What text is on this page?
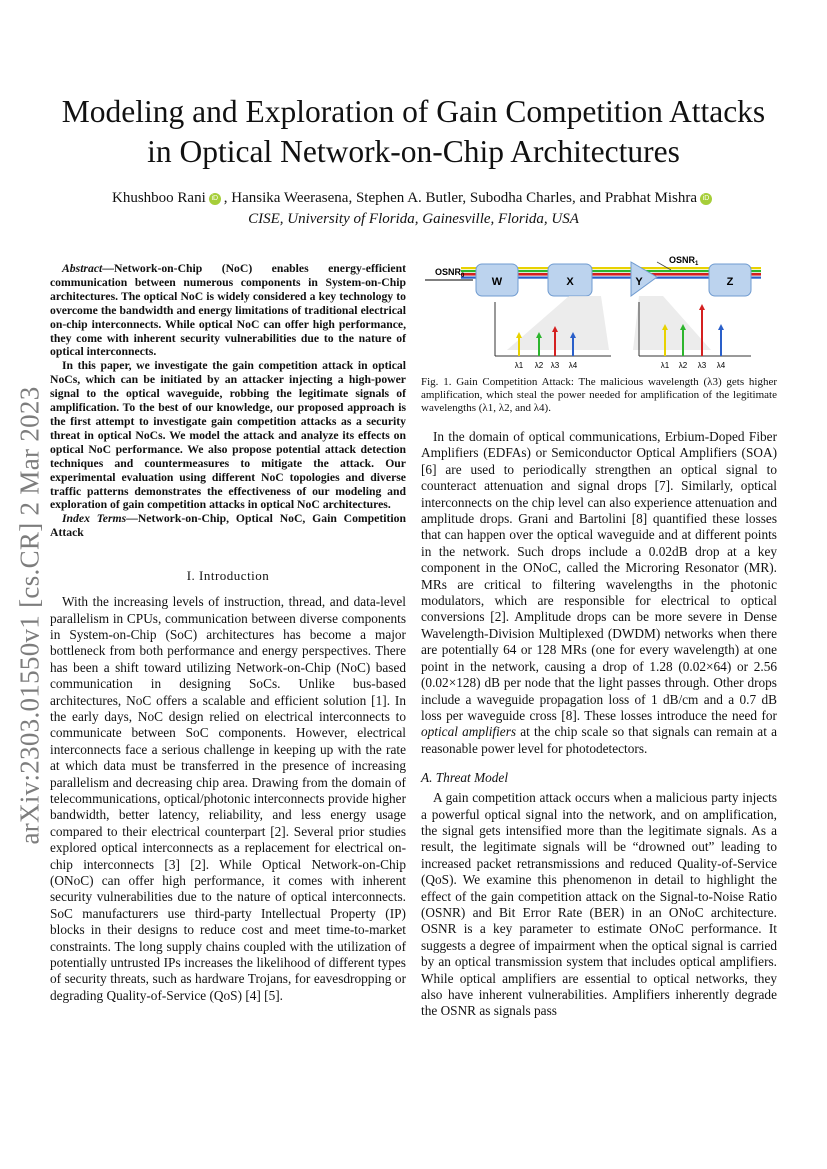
arXiv:2303.01550v1 [cs.CR] 2 Mar 2023
Modeling and Exploration of Gain Competition Attacks in Optical Network-on-Chip Architectures
Khushboo Rani iD , Hansika Weerasena, Stephen A. Butler, Subodha Charles, and Prabhat Mishra iD
CISE, University of Florida, Gainesville, Florida, USA

Abstract—Network-on-Chip (NoC) enables energy-efficient communication between numerous components in System-on-Chip architectures. The optical NoC is widely considered a key technology to overcome the bandwidth and energy limitations of traditional electrical on-chip interconnects. While optical NoC can offer high performance, they come with inherent security vulnerabilities due to the nature of optical interconnects.

In this paper, we investigate the gain competition attack in optical NoCs, which can be initiated by an attacker injecting a high-power signal to the optical waveguide, robbing the legitimate signals of amplification. To the best of our knowledge, our proposed approach is the first attempt to investigate gain competition attacks as a security threat in optical NoCs. We model the attack and analyze its effects on optical NoC performance. We also propose potential attack detection techniques and countermeasures to mitigate the attack. Our experimental evaluation using different NoC topologies and diverse traffic patterns demonstrates the effectiveness of our modeling and exploration of gain competition attacks in optical NoC architectures.

Index Terms—Network-on-Chip, Optical NoC, Gain Competition Attack

I. Introduction

With the increasing levels of instruction, thread, and data-level parallelism in CPUs, communication between diverse components in System-on-Chip (SoC) architectures has become a major bottleneck from both performance and energy perspectives. There has been a shift toward utilizing Network-on-Chip (NoC) based communication in designing SoCs. Unlike bus-based architectures, NoC offers a scalable and efficient solution [1]. In the early days, NoC design relied on electrical interconnects to communicate between SoC components. However, electrical interconnects face a serious challenge in keeping up with the rate at which data must be transferred in the presence of increasing parallelism and decreasing chip area. Drawing from the domain of telecommunications, optical/photonic interconnects provide higher bandwidth, better latency, reliability, and less energy usage compared to their electrical counterpart [2]. Several prior studies explored optical interconnects as a replacement for electrical on-chip interconnects [3] [2]. While Optical Network-on-Chip (ONoC) can offer high performance, it comes with inherent security vulnerabilities due to the nature of optical interconnects. SoC manufacturers use third-party Intellectual Property (IP) blocks in their designs to reduce cost and meet time-to-market constraints. The long supply chains coupled with the utilization of potentially untrusted IPs increases the likelihood of different types of security threats, such as hardware Trojans, for eavesdropping or degrading Quality-of-Service (QoS) [4] [5].

W	X	Y	Z
$OSNR_0$
$OSNR_1$
λ1 λ2 λ3 λ4	λ1 λ2 λ3 λ4

Fig. 1. Gain Competition Attack: The malicious wavelength (λ3) gets higher amplification, which steal the power needed for amplification of the legitimate wavelengths (λ1, λ2, and λ4).

In the domain of optical communications, Erbium-Doped Fiber Amplifiers (EDFAs) or Semiconductor Optical Amplifiers (SOA) [6] are used to periodically strengthen an optical signal to counteract attenuation and signal drops [7]. Similarly, optical interconnects on the chip level can also experience attenuation and amplitude drops. Grani and Bartolini [8] quantified these losses that can happen over the optical waveguide and at different points in the network. Such drops include a 0.02dB drop at a key component in the ONoC, called the Microring Resonator (MR). MRs are critical to filtering wavelengths in the photonic modulators, which are responsible for electrical to optical conversions [2]. Amplitude drops can be more severe in Dense Wavelength-Division Multiplexed (DWDM) networks when there are potentially 64 or 128 MRs (one for every wavelength) at one point in the network, causing a drop of 1.28 (0.02×64) or 2.56 (0.02×128) dB per node that the light passes through. Other drops include a waveguide propagation loss of 1 dB/cm and a 0.7 dB loss per waveguide cross [8]. These losses introduce the need for optical amplifiers at the chip scale so that signals can remain at a reasonable power level for photodetectors.

A. Threat Model

A gain competition attack occurs when a malicious party injects a powerful optical signal into the network, and on amplification, the signal gets intensified more than the legitimate signals. As a result, the legitimate signals will be “drowned out” leading to increased packet retransmissions and reduced Quality-of-Service (QoS). We examine this phenomenon in detail to highlight the effect of the gain competition attack on the Signal-to-Noise Ratio (OSNR) and Bit Error Rate (BER) in an ONoC architecture. OSNR is a key parameter to estimate ONoC performance. It suggests a degree of impairment when the optical signal is carried by an optical transmission system that includes optical amplifiers. While optical amplifiers are essential to optical networks, they also have inherent vulnerabilities. Amplifiers inherently degrade the OSNR as signals pass
